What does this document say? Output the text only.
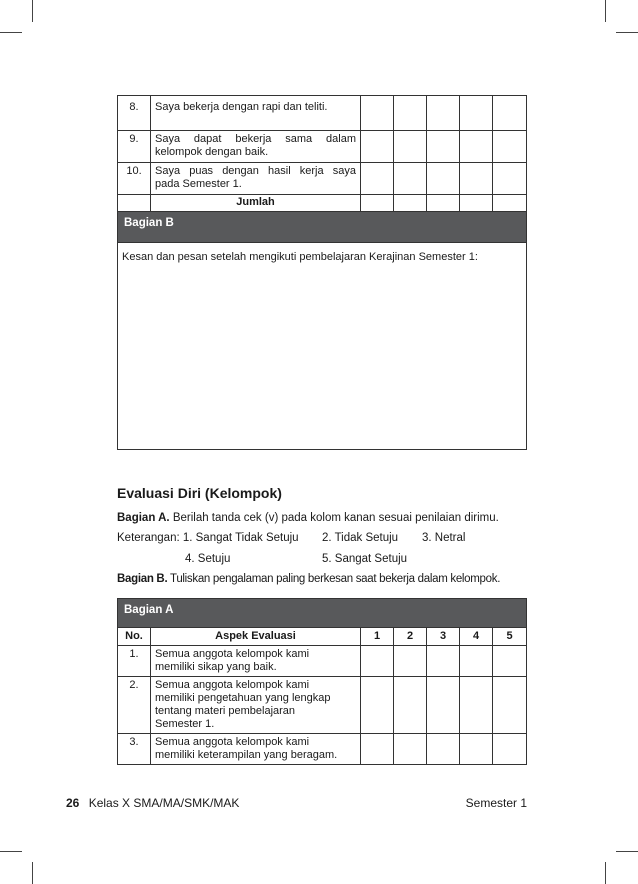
8.	Saya bekerja dengan rapi dan teliti.					
9.	Saya dapat bekerja sama dalam
kelompok dengan baik.					

10.	Saya puas dengan hasil kerja saya
pada Semester 1.					

	Jumlah					
Bagian B						
Kesan dan pesan setelah mengikuti pembelajaran Kerajinan Semester 1:						
Evaluasi Diri (Kelompok)
Bagian A. Berilah tanda cek (v) pada kolom kanan sesuai penilaian dirimu.
Keterangan: 1. Sangat Tidak Setuju 2. Tidak Setuju 3. Netral
4. Setuju	5. Sangat Setuju
Bagian B. Tuliskan pengalaman paling berkesan saat bekerja dalam kelompok.
Bagian A						
No.	Aspek Evaluasi	1	2	3	4	5
1.	Semua anggota kelompok kami
memiliki sikap yang baik.					

2.	Semua anggota kelompok kami
memiliki pengetahuan yang lengkap
tentang materi pembelajaran
Semester 1.					

3.	Semua anggota kelompok kami
memiliki keterampilan yang beragam.					

26 Kelas X SMA/MA/SMK/MAK	Semester 1
